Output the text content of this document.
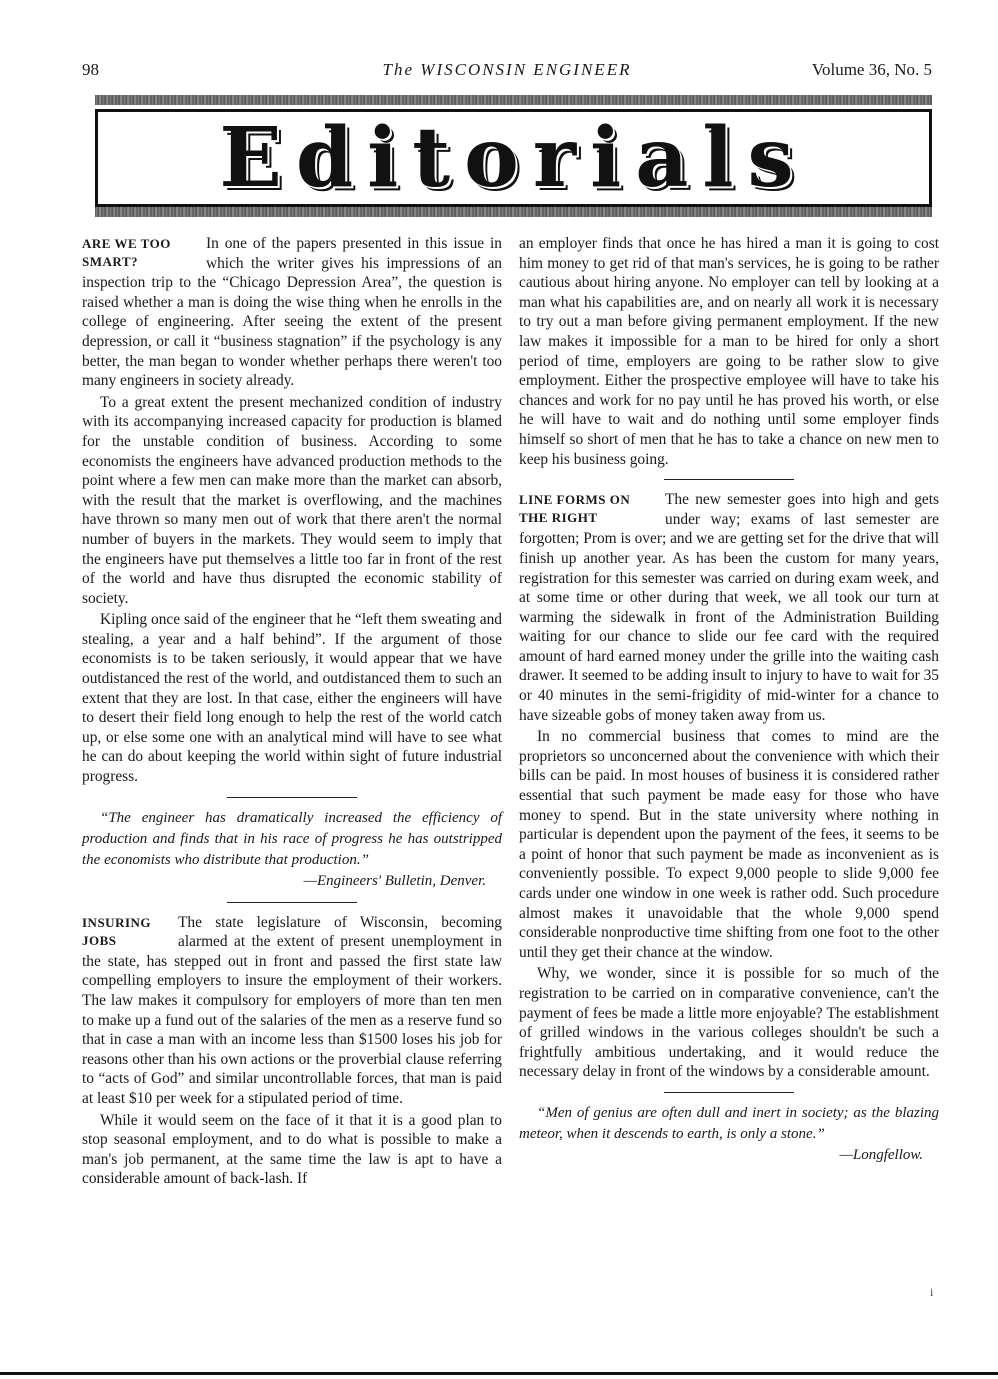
98	The WISCONSIN ENGINEER	Volume 36, No. 5
Editorials
ARE WE TOO
SMART?

In one of the papers presented in this issue in which the writer gives his impressions of an inspection trip to the “Chicago Depression Area”, the question is raised whether a man is doing the wise thing when he enrolls in the college of engineering. After seeing the extent of the present depression, or call it “business stagnation” if the psychology is any better, the man began to wonder whether perhaps there weren't too many engineers in society already.

To a great extent the present mechanized condition of industry with its accompanying increased capacity for production is blamed for the unstable condition of business. According to some economists the engineers have advanced production methods to the point where a few men can make more than the market can absorb, with the result that the market is overflowing, and the machines have thrown so many men out of work that there aren't the normal number of buyers in the markets. They would seem to imply that the engineers have put themselves a little too far in front of the rest of the world and have thus disrupted the economic stability of society.

Kipling once said of the engineer that he “left them sweating and stealing, a year and a half behind”. If the argument of those economists is to be taken seriously, it would appear that we have outdistanced the rest of the world, and outdistanced them to such an extent that they are lost. In that case, either the engineers will have to desert their field long enough to help the rest of the world catch up, or else some one with an analytical mind will have to see what he can do about keeping the world within sight of future industrial progress.

“The engineer has dramatically increased the efficiency of production and finds that in his race of progress he has outstripped the economists who distribute that production.”

—Engineers' Bulletin, Denver.

INSURING
JOBS

The state legislature of Wisconsin, becoming alarmed at the extent of present unemployment in the state, has stepped out in front and passed the first state law compelling employers to insure the employment of their workers. The law makes it compulsory for employers of more than ten men to make up a fund out of the salaries of the men as a reserve fund so that in case a man with an income less than $1500 loses his job for reasons other than his own actions or the proverbial clause referring to “acts of God” and similar uncontrollable forces, that man is paid at least $10 per week for a stipulated period of time.

While it would seem on the face of it that it is a good plan to stop seasonal employment, and to do what is possible to make a man's job permanent, at the same time the law is apt to have a considerable amount of back-lash. If

an employer finds that once he has hired a man it is going to cost him money to get rid of that man's services, he is going to be rather cautious about hiring anyone. No employer can tell by looking at a man what his capabilities are, and on nearly all work it is necessary to try out a man before giving permanent employment. If the new law makes it impossible for a man to be hired for only a short period of time, employers are going to be rather slow to give employment. Either the prospective employee will have to take his chances and work for no pay until he has proved his worth, or else he will have to wait and do nothing until some employer finds himself so short of men that he has to take a chance on new men to keep his business going.

LINE FORMS ON
THE RIGHT

The new semester goes into high and gets under way; exams of last semester are forgotten; Prom is over; and we are getting set for the drive that will finish up another year. As has been the custom for many years, registration for this semester was carried on during exam week, and at some time or other during that week, we all took our turn at warming the sidewalk in front of the Administration Building waiting for our chance to slide our fee card with the required amount of hard earned money under the grille into the waiting cash drawer. It seemed to be adding insult to injury to have to wait for 35 or 40 minutes in the semi-frigidity of mid-winter for a chance to have sizeable gobs of money taken away from us.

In no commercial business that comes to mind are the proprietors so unconcerned about the convenience with which their bills can be paid. In most houses of business it is considered rather essential that such payment be made easy for those who have money to spend. But in the state university where nothing in particular is dependent upon the payment of the fees, it seems to be a point of honor that such payment be made as inconvenient as is conveniently possible. To expect 9,000 people to slide 9,000 fee cards under one window in one week is rather odd. Such procedure almost makes it unavoidable that the whole 9,000 spend considerable nonproductive time shifting from one foot to the other until they get their chance at the window.

Why, we wonder, since it is possible for so much of the registration to be carried on in comparative convenience, can't the payment of fees be made a little more enjoyable? The establishment of grilled windows in the various colleges shouldn't be such a frightfully ambitious undertaking, and it would reduce the necessary delay in front of the windows by a considerable amount.

“Men of genius are often dull and inert in society; as the blazing meteor, when it descends to earth, is only a stone.”

—Longfellow.

i
